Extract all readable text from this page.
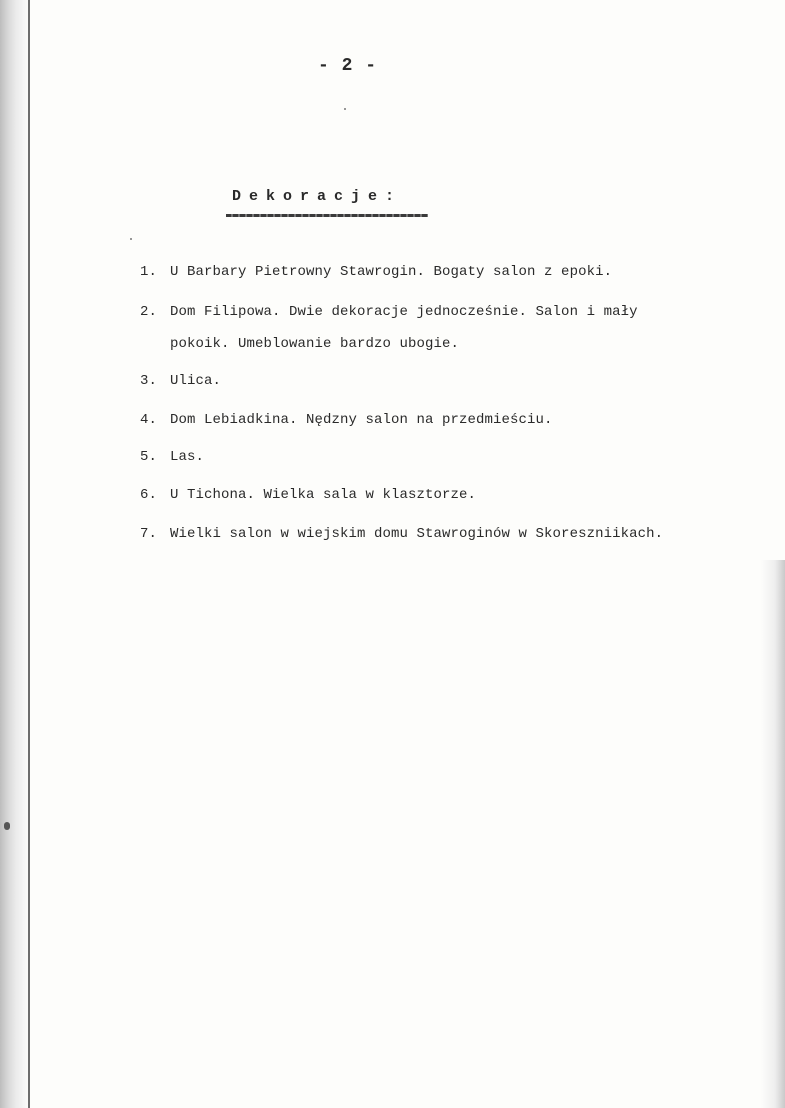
- 2 -
Dekoracje:
1. U Barbary Pietrowny Stawrogin. Bogaty salon z epoki.
2. Dom Filipowa. Dwie dekoracje jednocześnie. Salon i mały
pokoik. Umeblowanie bardzo ubogie.
3. Ulica.
4. Dom Lebiadkina. Nędzny salon na przedmieściu.
5. Las.
6. U Tichona. Wielka sala w klasztorze.
7. Wielki salon w wiejskim domu Stawroginów w Skoreszniikach.
